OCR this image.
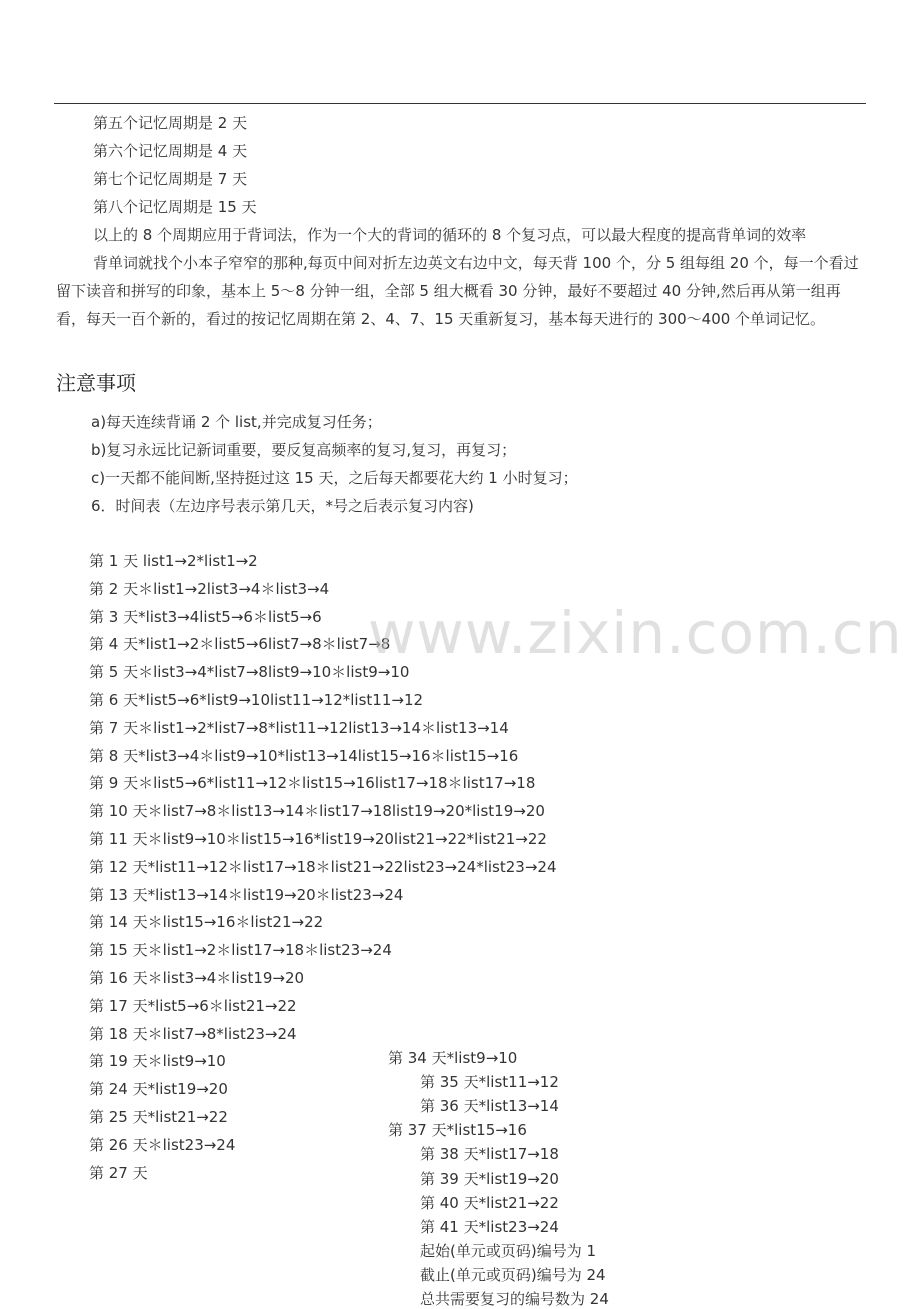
第五个记忆周期是 2 天
第六个记忆周期是 4 天
第七个记忆周期是 7 天
第八个记忆周期是 15 天
以上的 8 个周期应用于背词法，作为一个大的背词的循环的 8 个复习点，可以最大程度的提高背单词的效率
背单词就找个小本子窄窄的那种,每页中间对折左边英文右边中文，每天背 100 个，分 5 组每组 20 个，每一个看过留下读音和拼写的印象，基本上 5～8 分钟一组，全部 5 组大概看 30 分钟，最好不要超过 40 分钟,然后再从第一组再看，每天一百个新的，看过的按记忆周期在第 2、4、7、15 天重新复习，基本每天进行的 300～400 个单词记忆。
注意事项
a)每天连续背诵 2 个 list,并完成复习任务；
b)复习永远比记新词重要，要反复高频率的复习,复习，再复习；
c)一天都不能间断,坚持挺过这 15 天，之后每天都要花大约 1 小时复习；
6．时间表（左边序号表示第几天，*号之后表示复习内容)
第 1 天 list1→2*list1→2
第 2 天＊list1→2list3→4＊list3→4
第 3 天*list3→4list5→6＊list5→6
第 4 天*list1→2＊list5→6list7→8＊list7→8
第 5 天＊list3→4*list7→8list9→10＊list9→10
第 6 天*list5→6*list9→10list11→12*list11→12
第 7 天＊list1→2*list7→8*list11→12list13→14＊list13→14
第 8 天*list3→4＊list9→10*list13→14list15→16＊list15→16
第 9 天＊list5→6*list11→12＊list15→16list17→18＊list17→18
第 10 天＊list7→8＊list13→14＊list17→18list19→20*list19→20
第 11 天＊list9→10＊list15→16*list19→20list21→22*list21→22
第 12 天*list11→12＊list17→18＊list21→22list23→24*list23→24
第 13 天*list13→14＊list19→20＊list23→24
第 14 天＊list15→16＊list21→22
第 15 天＊list1→2＊list17→18＊list23→24
第 16 天＊list3→4＊list19→20
第 17 天*list5→6＊list21→22
第 18 天＊list7→8*list23→24
第 19 天＊list9→10
第 24 天*list19→20
第 25 天*list21→22
第 26 天＊list23→24
第 27 天
第 34 天*list9→10
第 35 天*list11→12
第 36 天*list13→14
第 37 天*list15→16
第 38 天*list17→18
第 39 天*list19→20
第 40 天*list21→22
第 41 天*list23→24
起始(单元或页码)编号为 1
截止(单元或页码)编号为 24
总共需要复习的编号数为 24
www.zixin.com.cn
